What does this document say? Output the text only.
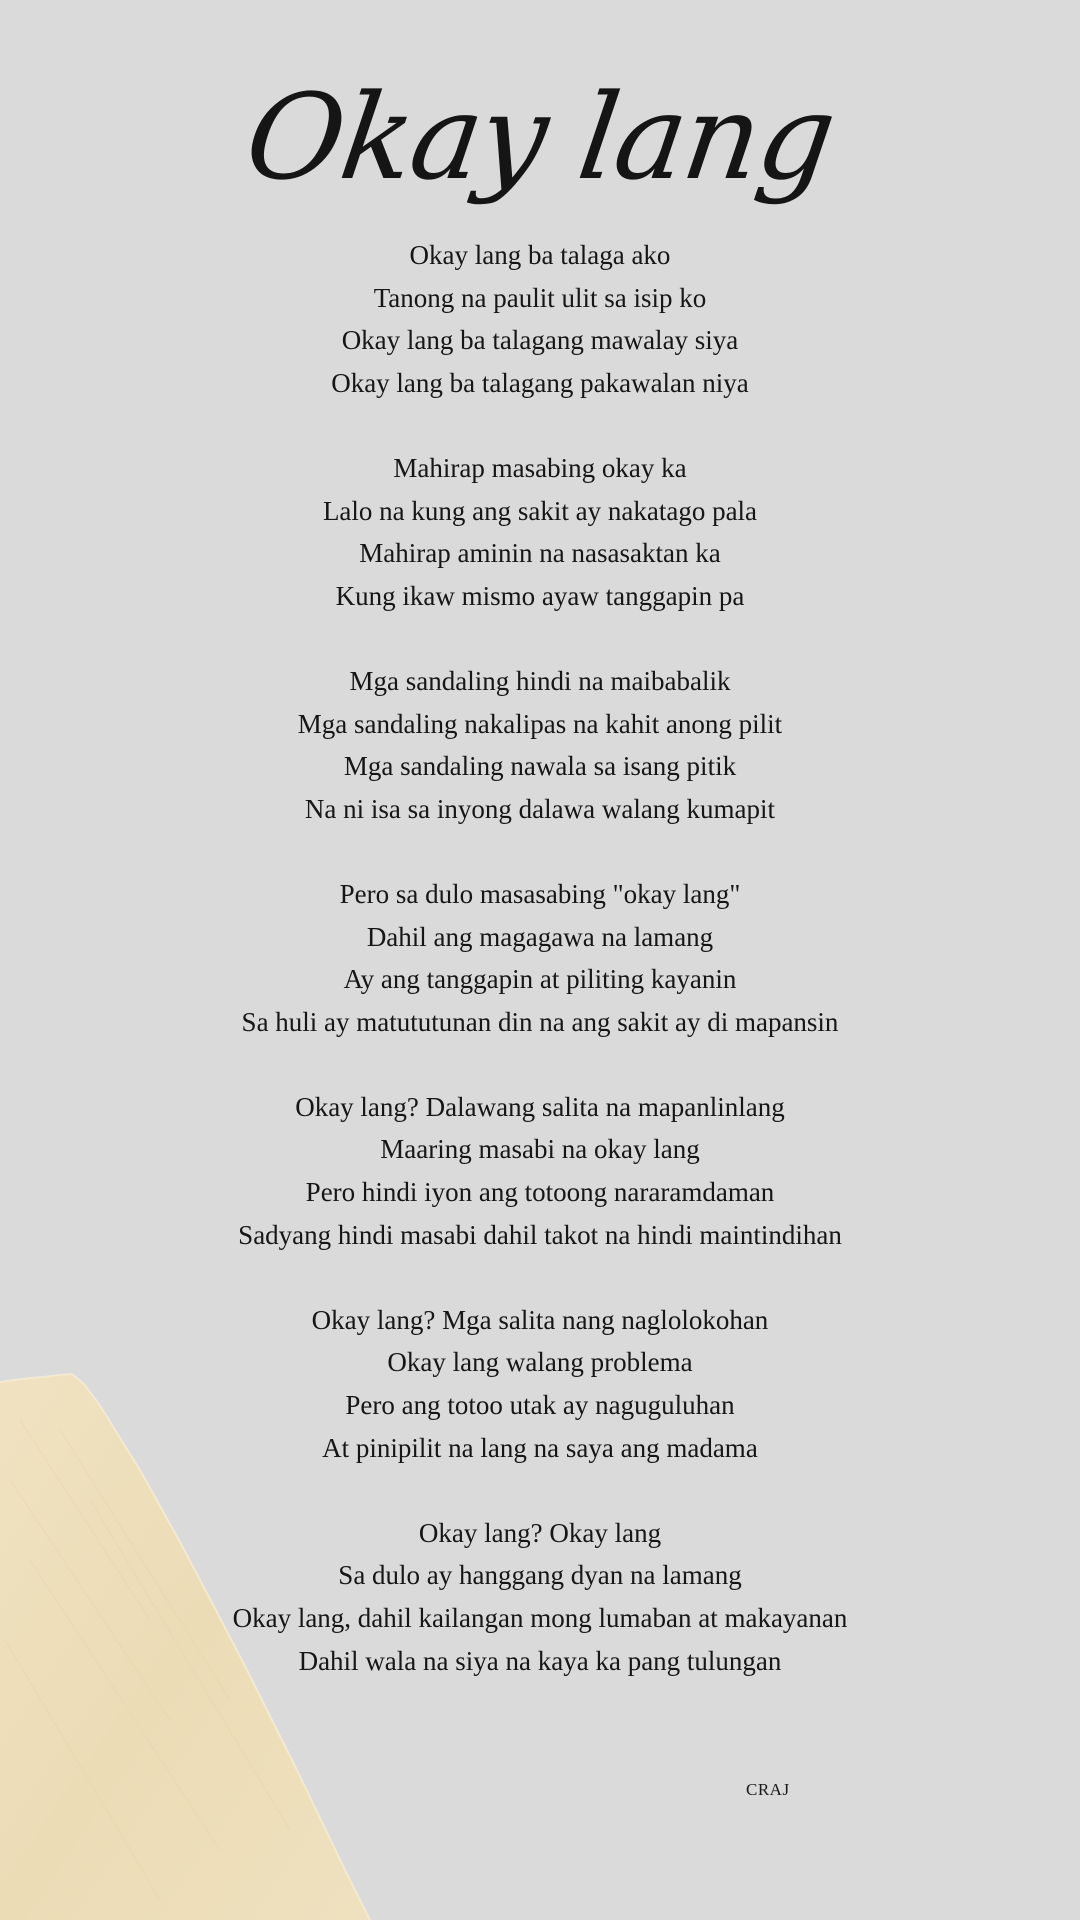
Okay lang
Okay lang ba talaga ako
Tanong na paulit ulit sa isip ko
Okay lang ba talagang mawalay siya
Okay lang ba talagang pakawalan niya
Mahirap masabing okay ka
Lalo na kung ang sakit ay nakatago pala
Mahirap aminin na nasasaktan ka
Kung ikaw mismo ayaw tanggapin pa
Mga sandaling hindi na maibabalik
Mga sandaling nakalipas na kahit anong pilit
Mga sandaling nawala sa isang pitik
Na ni isa sa inyong dalawa walang kumapit
Pero sa dulo masasabing "okay lang"
Dahil ang magagawa na lamang
Ay ang tanggapin at piliting kayanin
Sa huli ay matututunan din na ang sakit ay di mapansin
Okay lang? Dalawang salita na mapanlinlang
Maaring masabi na okay lang
Pero hindi iyon ang totoong nararamdaman
Sadyang hindi masabi dahil takot na hindi maintindihan
Okay lang? Mga salita nang naglolokohan
Okay lang walang problema
Pero ang totoo utak ay naguguluhan
At pinipilit na lang na saya ang madama
Okay lang? Okay lang
Sa dulo ay hanggang dyan na lamang
Okay lang, dahil kailangan mong lumaban at makayanan
Dahil wala na siya na kaya ka pang tulungan
CRAJ
